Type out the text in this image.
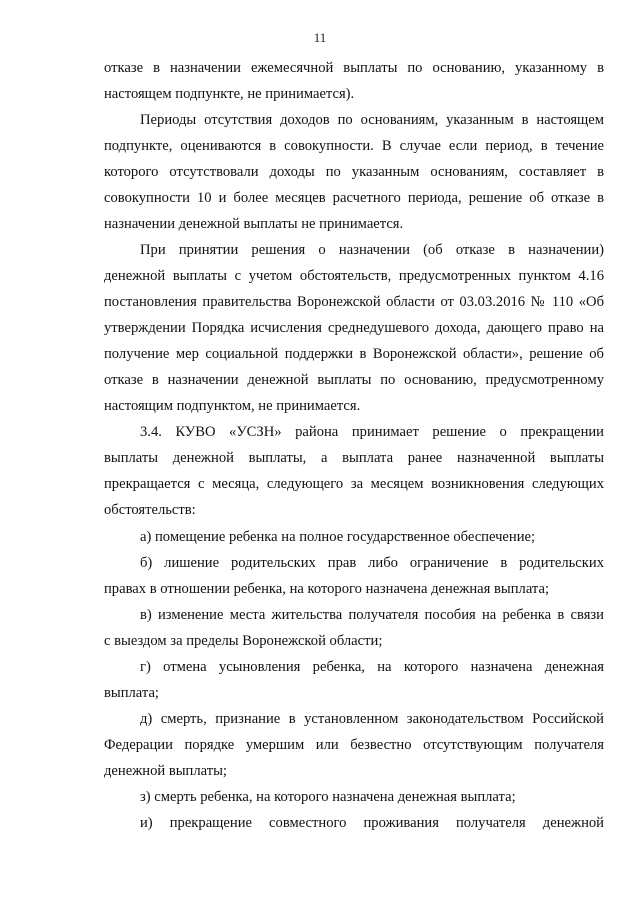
11
отказе в назначении ежемесячной выплаты по основанию, указанному в
настоящем подпункте, не принимается).
Периоды отсутствия доходов по основаниям, указанным в настоящем
подпункте, оцениваются в совокупности. В случае если период, в течение
которого отсутствовали доходы по указанным основаниям, составляет в
совокупности 10 и более месяцев расчетного периода, решение об отказе в
назначении денежной выплаты не принимается.
При принятии решения о назначении (об отказе в назначении)
денежной выплаты с учетом обстоятельств, предусмотренных пунктом 4.16
постановления правительства Воронежской области от 03.03.2016 № 110 «Об
утверждении Порядка исчисления среднедушевого дохода, дающего право на
получение мер социальной поддержки в Воронежской области», решение об
отказе в назначении денежной выплаты по основанию, предусмотренному
настоящим подпунктом, не принимается.
3.4. КУВО «УСЗН» района принимает решение о прекращении
выплаты денежной выплаты, а выплата ранее назначенной выплаты
прекращается с месяца, следующего за месяцем возникновения следующих
обстоятельств:
а) помещение ребенка на полное государственное обеспечение;
б) лишение родительских прав либо ограничение в родительских
правах в отношении ребенка, на которого назначена денежная выплата;
в) изменение места жительства получателя пособия на ребенка в связи
с выездом за пределы Воронежской области;
г) отмена усыновления ребенка, на которого назначена денежная
выплата;
д) смерть, признание в установленном законодательством Российской
Федерации порядке умершим или безвестно отсутствующим получателя
денежной выплаты;
з) смерть ребенка, на которого назначена денежная выплата;
и) прекращение совместного проживания получателя денежной
